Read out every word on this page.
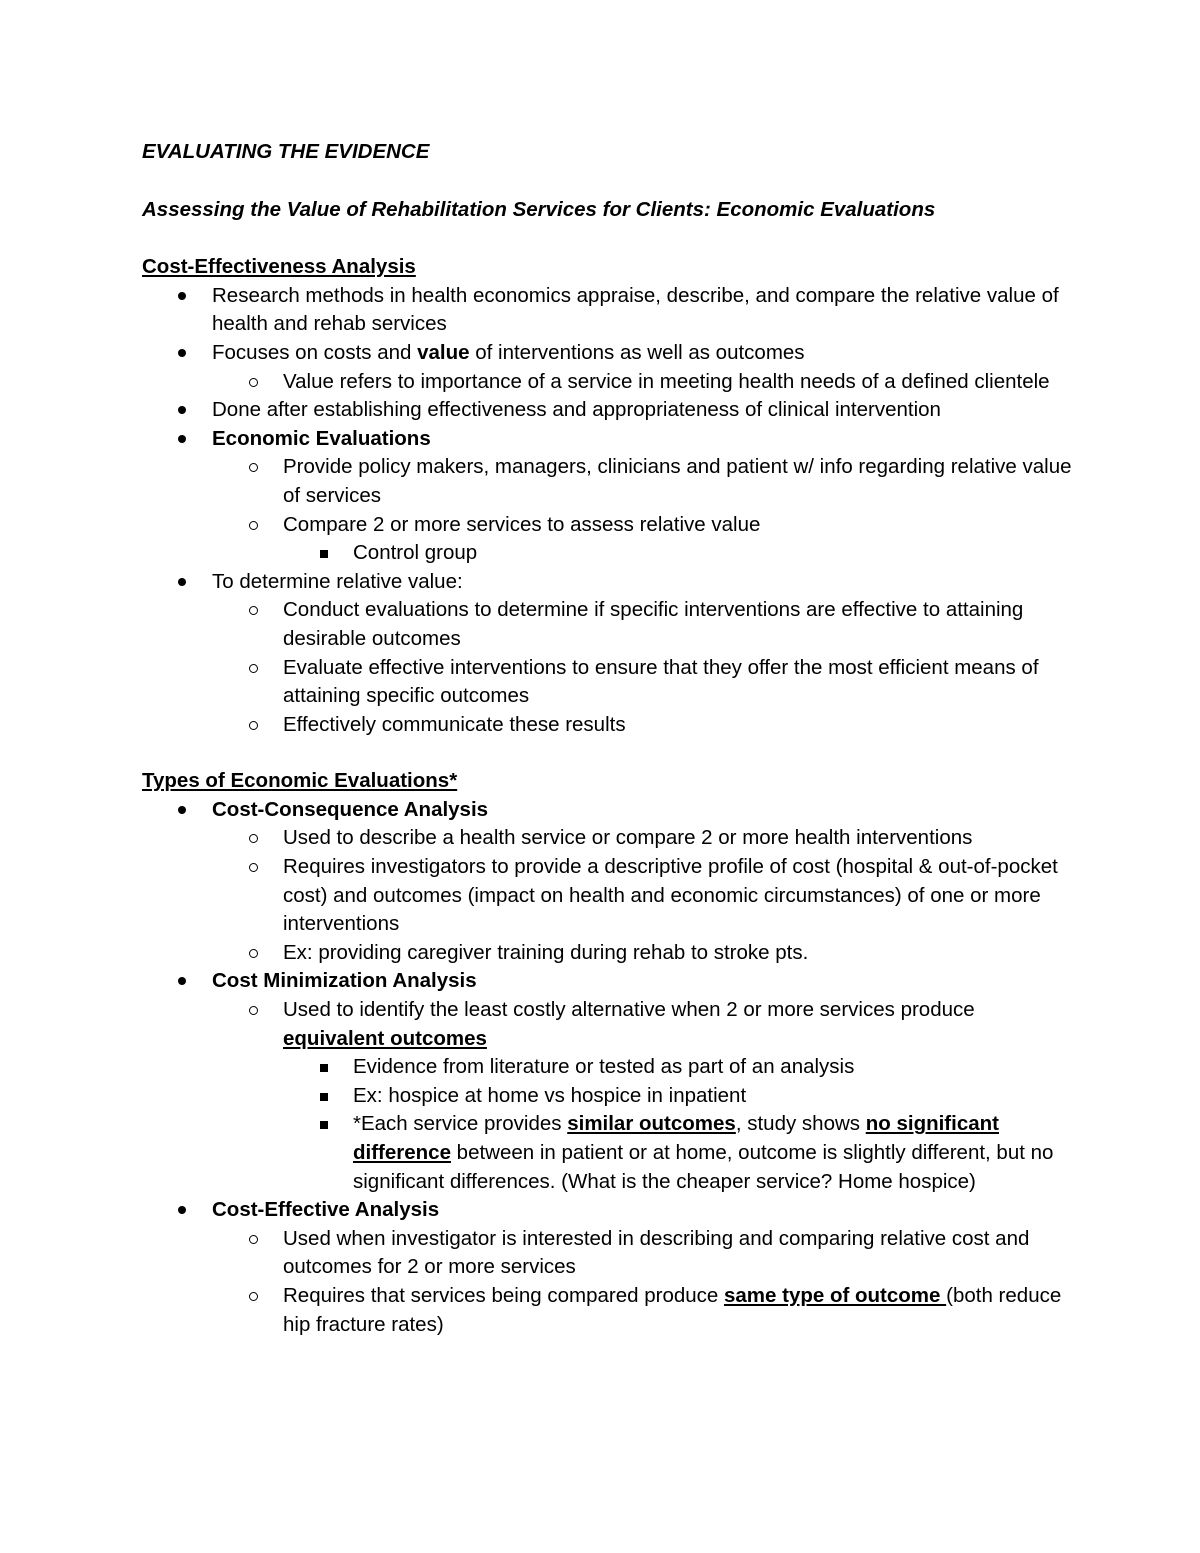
EVALUATING THE EVIDENCE

Assessing the Value of Rehabilitation Services for Clients: Economic Evaluations

Cost-Effectiveness Analysis

Research methods in health economics appraise, describe, and compare the relative value of health and rehab services
Focuses on costs and value of interventions as well as outcomes
Value refers to importance of a service in meeting health needs of a defined clientele
Done after establishing effectiveness and appropriateness of clinical intervention
Economic Evaluations
Provide policy makers, managers, clinicians and patient w/ info regarding relative value of services
Compare 2 or more services to assess relative value
Control group
To determine relative value:
Conduct evaluations to determine if specific interventions are effective to attaining desirable outcomes
Evaluate effective interventions to ensure that they offer the most efficient means of attaining specific outcomes
Effectively communicate these results

Types of Economic Evaluations*

Cost-Consequence Analysis
Used to describe a health service or compare 2 or more health interventions
Requires investigators to provide a descriptive profile of cost (hospital & out-of-pocket cost) and outcomes (impact on health and economic circumstances) of one or more interventions
Ex: providing caregiver training during rehab to stroke pts.
Cost Minimization Analysis
Used to identify the least costly alternative when 2 or more services produce equivalent outcomes
Evidence from literature or tested as part of an analysis
Ex: hospice at home vs hospice in inpatient
*Each service provides similar outcomes, study shows no significant difference between in patient or at home, outcome is slightly different, but no significant differences. (What is the cheaper service? Home hospice)
Cost-Effective Analysis
Used when investigator is interested in describing and comparing relative cost and outcomes for 2 or more services
Requires that services being compared produce same type of outcome (both reduce hip fracture rates)
